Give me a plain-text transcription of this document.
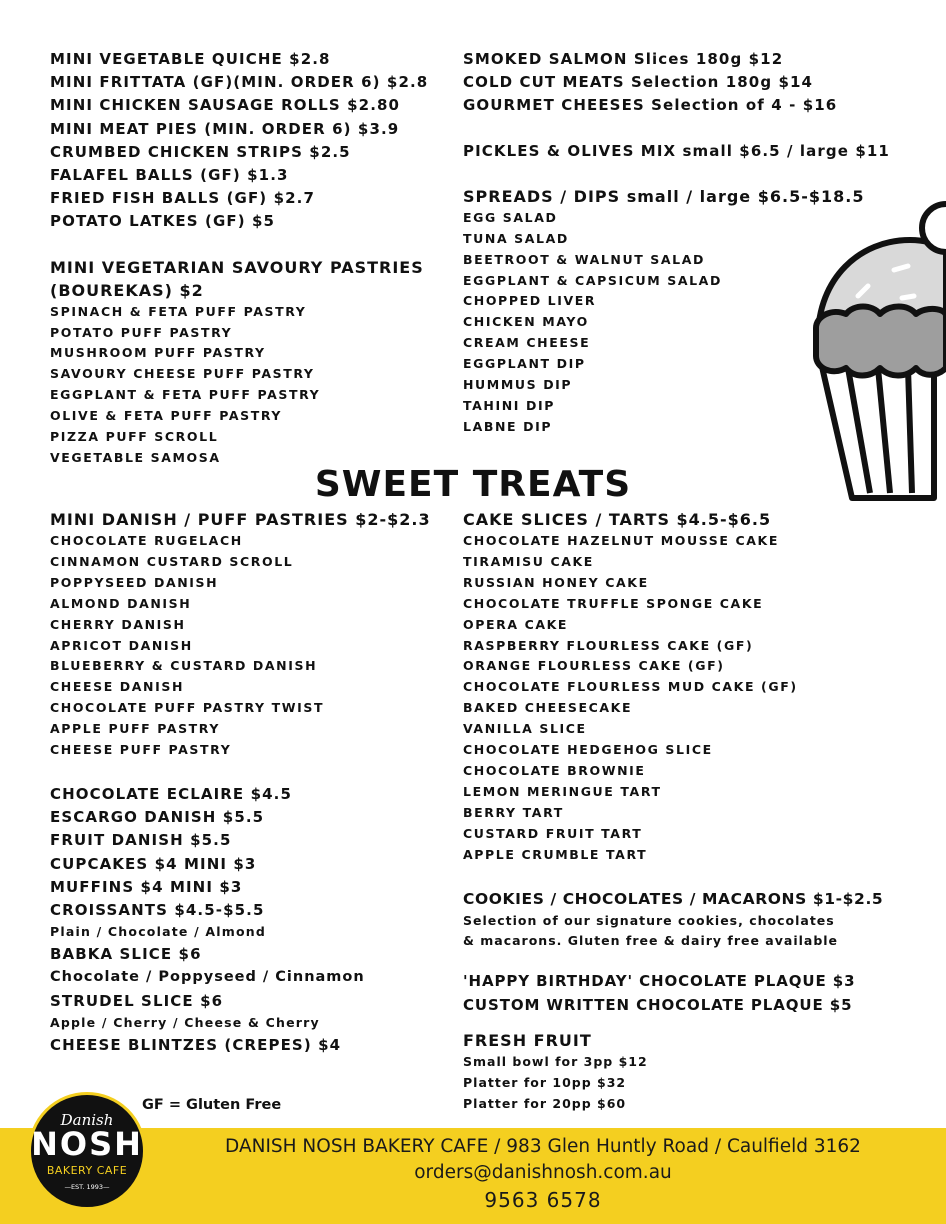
MINI VEGETABLE QUICHE $2.8
MINI FRITTATA (GF)(MIN. ORDER 6) $2.8
MINI CHICKEN SAUSAGE ROLLS $2.80
MINI MEAT PIES (MIN. ORDER 6) $3.9
CRUMBED CHICKEN STRIPS $2.5
FALAFEL BALLS (GF) $1.3
FRIED FISH BALLS (GF) $2.7
POTATO LATKES (GF) $5
MINI VEGETARIAN SAVOURY PASTRIES (BOUREKAS) $2
SPINACH & FETA PUFF PASTRY
POTATO PUFF PASTRY
MUSHROOM PUFF PASTRY
SAVOURY CHEESE PUFF PASTRY
EGGPLANT & FETA PUFF PASTRY
OLIVE & FETA PUFF PASTRY
PIZZA PUFF SCROLL
VEGETABLE SAMOSA
SMOKED SALMON Slices 180g $12
COLD CUT MEATS Selection 180g $14
GOURMET CHEESES Selection of 4 - $16
PICKLES & OLIVES MIX small $6.5 / large $11
SPREADS / DIPS small / large $6.5-$18.5
EGG SALAD
TUNA SALAD
BEETROOT & WALNUT SALAD
EGGPLANT & CAPSICUM SALAD
CHOPPED LIVER
CHICKEN MAYO
CREAM CHEESE
EGGPLANT DIP
HUMMUS DIP
TAHINI DIP
LABNE DIP
SWEET TREATS
MINI DANISH / PUFF PASTRIES $2-$2.3
CHOCOLATE RUGELACH
CINNAMON CUSTARD SCROLL
POPPYSEED DANISH
ALMOND DANISH
CHERRY DANISH
APRICOT DANISH
BLUEBERRY & CUSTARD DANISH
CHEESE DANISH
CHOCOLATE PUFF PASTRY TWIST
APPLE PUFF PASTRY
CHEESE PUFF PASTRY
CHOCOLATE ECLAIRE $4.5
ESCARGO DANISH $5.5
FRUIT DANISH $5.5
CUPCAKES $4 MINI $3
MUFFINS $4 MINI $3
CROISSANTS $4.5-$5.5
Plain / Chocolate / Almond
BABKA SLICE $6
Chocolate / Poppyseed / Cinnamon
STRUDEL SLICE $6
Apple / Cherry / Cheese & Cherry
CHEESE BLINTZES (CREPES) $4
CAKE SLICES / TARTS $4.5-$6.5
CHOCOLATE HAZELNUT MOUSSE CAKE
TIRAMISU CAKE
RUSSIAN HONEY CAKE
CHOCOLATE TRUFFLE SPONGE CAKE
OPERA CAKE
RASPBERRY FLOURLESS CAKE (GF)
ORANGE FLOURLESS CAKE (GF)
CHOCOLATE FLOURLESS MUD CAKE (GF)
BAKED CHEESECAKE
VANILLA SLICE
CHOCOLATE HEDGEHOG SLICE
CHOCOLATE BROWNIE
LEMON MERINGUE TART
BERRY TART
CUSTARD FRUIT TART
APPLE CRUMBLE TART
COOKIES / CHOCOLATES / MACARONS $1-$2.5
Selection of our signature cookies, chocolates
& macarons. Gluten free & dairy free available
'HAPPY BIRTHDAY' CHOCOLATE PLAQUE $3
CUSTOM WRITTEN CHOCOLATE PLAQUE $5
FRESH FRUIT
Small bowl for 3pp $12
Platter for 10pp $32
Platter for 20pp $60
GF = Gluten Free
DANISH NOSH BAKERY CAFE / 983 Glen Huntly Road / Caulfield 3162
orders@danishnosh.com.au
9563 6578
Danish
NOSH
BAKERY CAFE
—EST. 1993—
